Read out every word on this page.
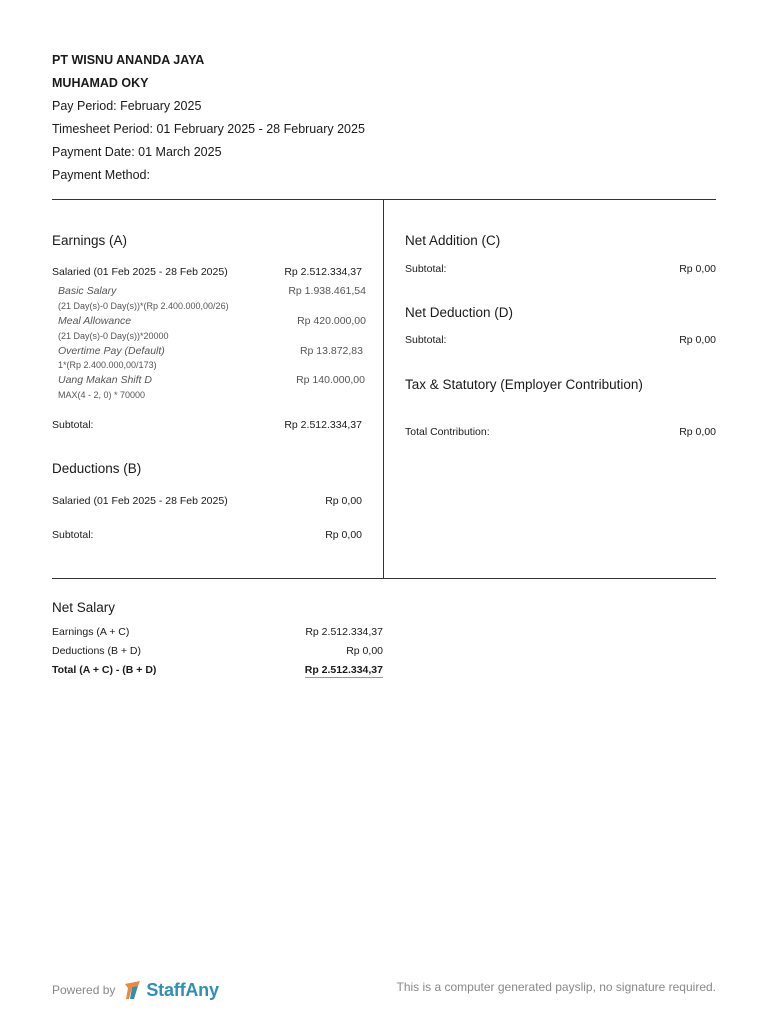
PT WISNU ANANDA JAYA
MUHAMAD OKY
Pay Period: February 2025
Timesheet Period: 01 February 2025 - 28 February 2025
Payment Date: 01 March 2025
Payment Method:
Earnings (A)
Salaried (01 Feb 2025 - 28 Feb 2025)	Rp 2.512.334,37
Basic Salary	Rp 1.938.461,54
(21 Day(s)-0 Day(s))*(Rp 2.400.000,00/26)
Meal Allowance	Rp 420.000,00
(21 Day(s)-0 Day(s))*20000
Overtime Pay (Default)	Rp 13.872,83
1*(Rp 2.400.000,00/173)
Uang Makan Shift D	Rp 140.000,00
MAX(4 - 2, 0) * 70000
Subtotal:	Rp 2.512.334,37
Deductions (B)
Salaried (01 Feb 2025 - 28 Feb 2025)	Rp 0,00
Subtotal:	Rp 0,00
Net Addition (C)
Subtotal:	Rp 0,00
Net Deduction (D)
Subtotal:	Rp 0,00
Tax & Statutory (Employer Contribution)
Total Contribution:	Rp 0,00
Net Salary
Earnings (A + C)	Rp 2.512.334,37
Deductions (B + D)	Rp 0,00
Total (A + C) - (B + D)	Rp 2.512.334,37
Powered by StaffAny	This is a computer generated payslip, no signature required.
